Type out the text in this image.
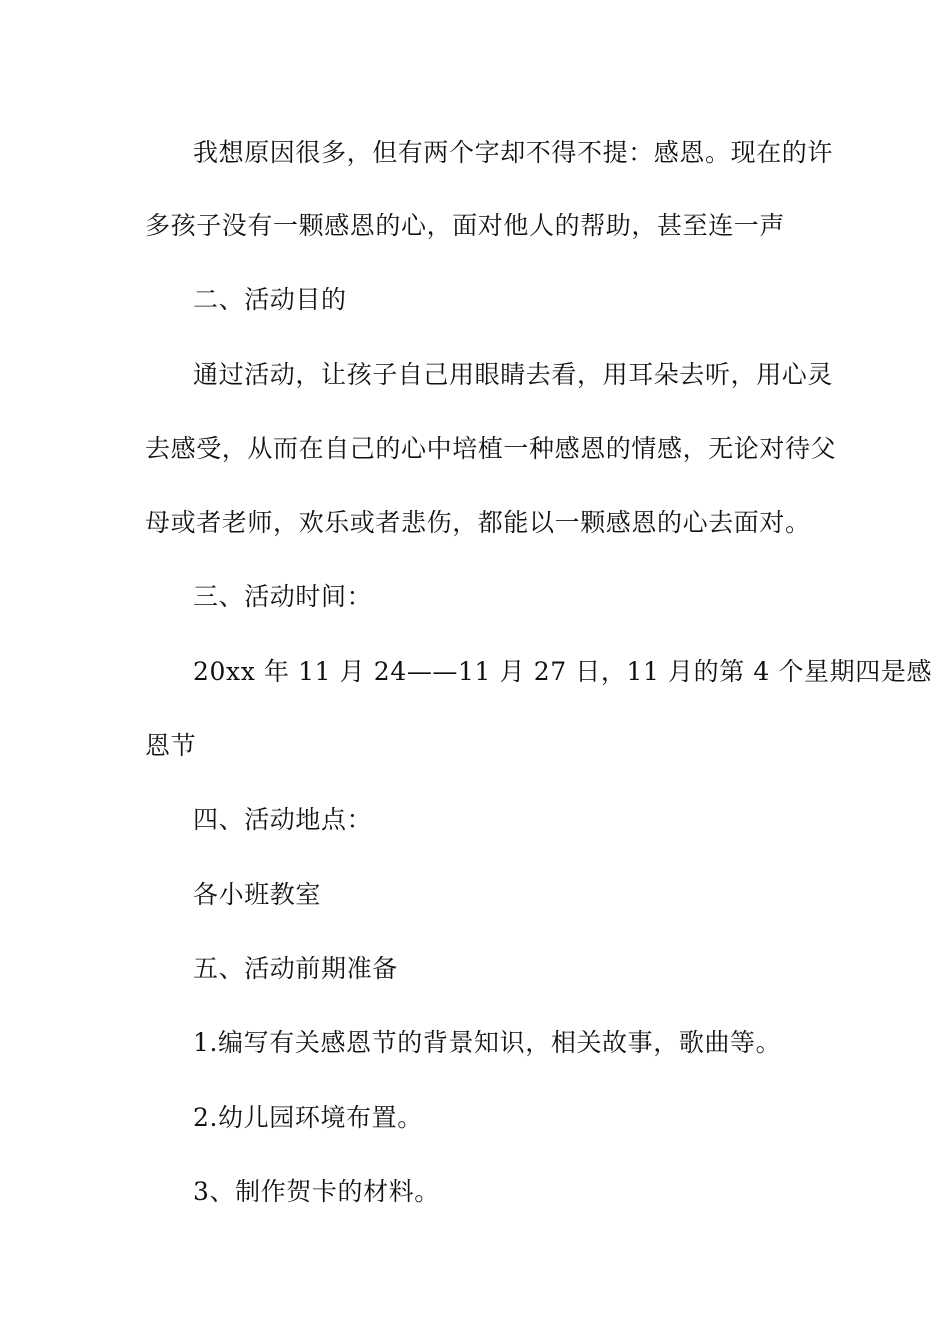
我想原因很多，但有两个字却不得不提：感恩。现在的许
多孩子没有一颗感恩的心，面对他人的帮助，甚至连一声
二、活动目的
通过活动，让孩子自己用眼睛去看，用耳朵去听，用心灵
去感受，从而在自己的心中培植一种感恩的情感，无论对待父
母或者老师，欢乐或者悲伤，都能以一颗感恩的心去面对。
三、活动时间：
20xx 年 11 月 24——11 月 27 日，11 月的第 4 个星期四是感
恩节
四、活动地点：
各小班教室
五、活动前期准备
1.编写有关感恩节的背景知识，相关故事，歌曲等。
2.幼儿园环境布置。
3、制作贺卡的材料。
